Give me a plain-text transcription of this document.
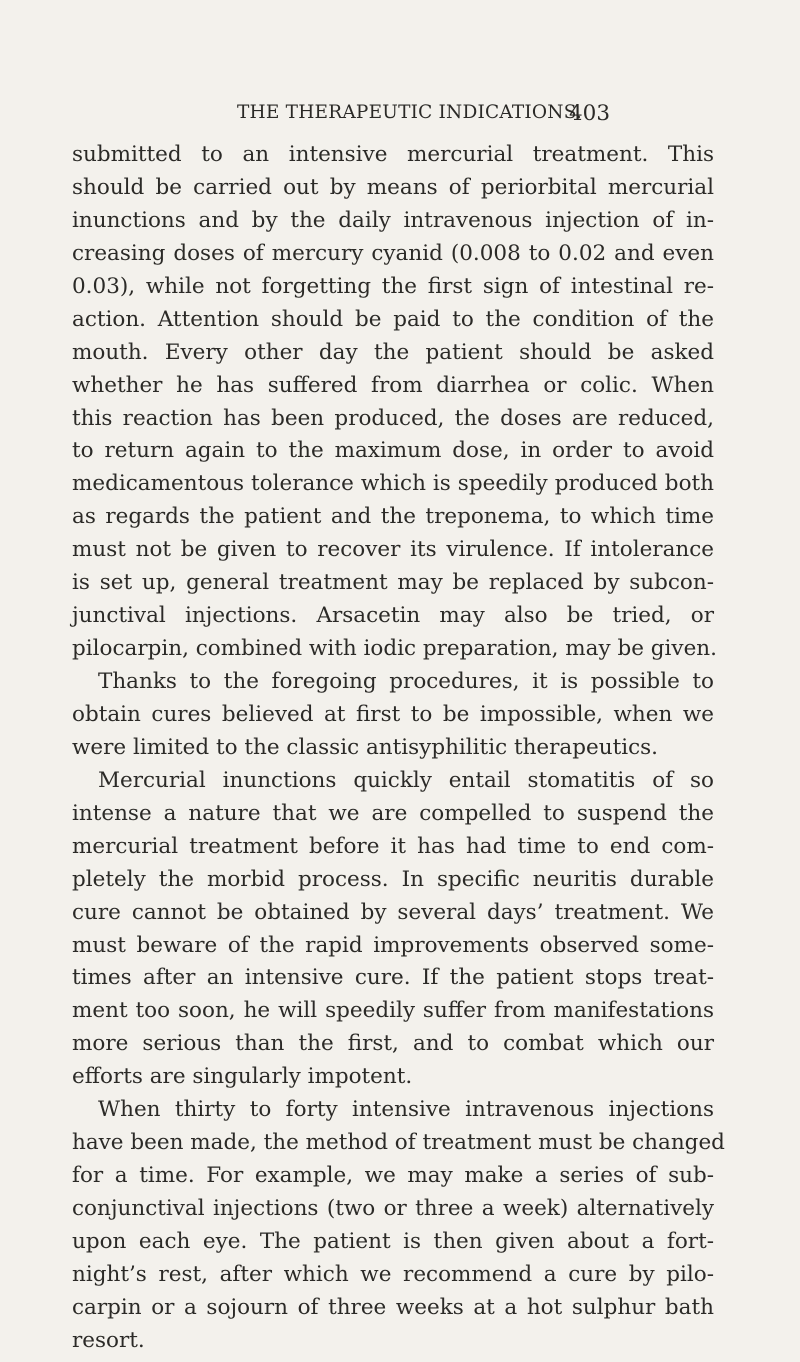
THE THERAPEUTIC INDICATIONS.
403
submitted to an intensive mercurial treatment. This
should be carried out by means of periorbital mercurial
inunctions and by the daily intravenous injection of in-
creasing doses of mercury cyanid (0.008 to 0.02 and even
0.03), while not forgetting the first sign of intestinal re-
action. Attention should be paid to the condition of the
mouth. Every other day the patient should be asked
whether he has suffered from diarrhea or colic. When
this reaction has been produced, the doses are reduced,
to return again to the maximum dose, in order to avoid
medicamentous tolerance which is speedily produced both
as regards the patient and the treponema, to which time
must not be given to recover its virulence. If intolerance
is set up, general treatment may be replaced by subcon-
junctival injections. Arsacetin may also be tried, or
pilocarpin, combined with iodic preparation, may be given.
Thanks to the foregoing procedures, it is possible to
obtain cures believed at first to be impossible, when we
were limited to the classic antisyphilitic therapeutics.
Mercurial inunctions quickly entail stomatitis of so
intense a nature that we are compelled to suspend the
mercurial treatment before it has had time to end com-
pletely the morbid process. In specific neuritis durable
cure cannot be obtained by several days’ treatment. We
must beware of the rapid improvements observed some-
times after an intensive cure. If the patient stops treat-
ment too soon, he will speedily suffer from manifestations
more serious than the first, and to combat which our
efforts are singularly impotent.
When thirty to forty intensive intravenous injections
have been made, the method of treatment must be changed
for a time. For example, we may make a series of sub-
conjunctival injections (two or three a week) alternatively
upon each eye. The patient is then given about a fort-
night’s rest, after which we recommend a cure by pilo-
carpin or a sojourn of three weeks at a hot sulphur bath
resort.
